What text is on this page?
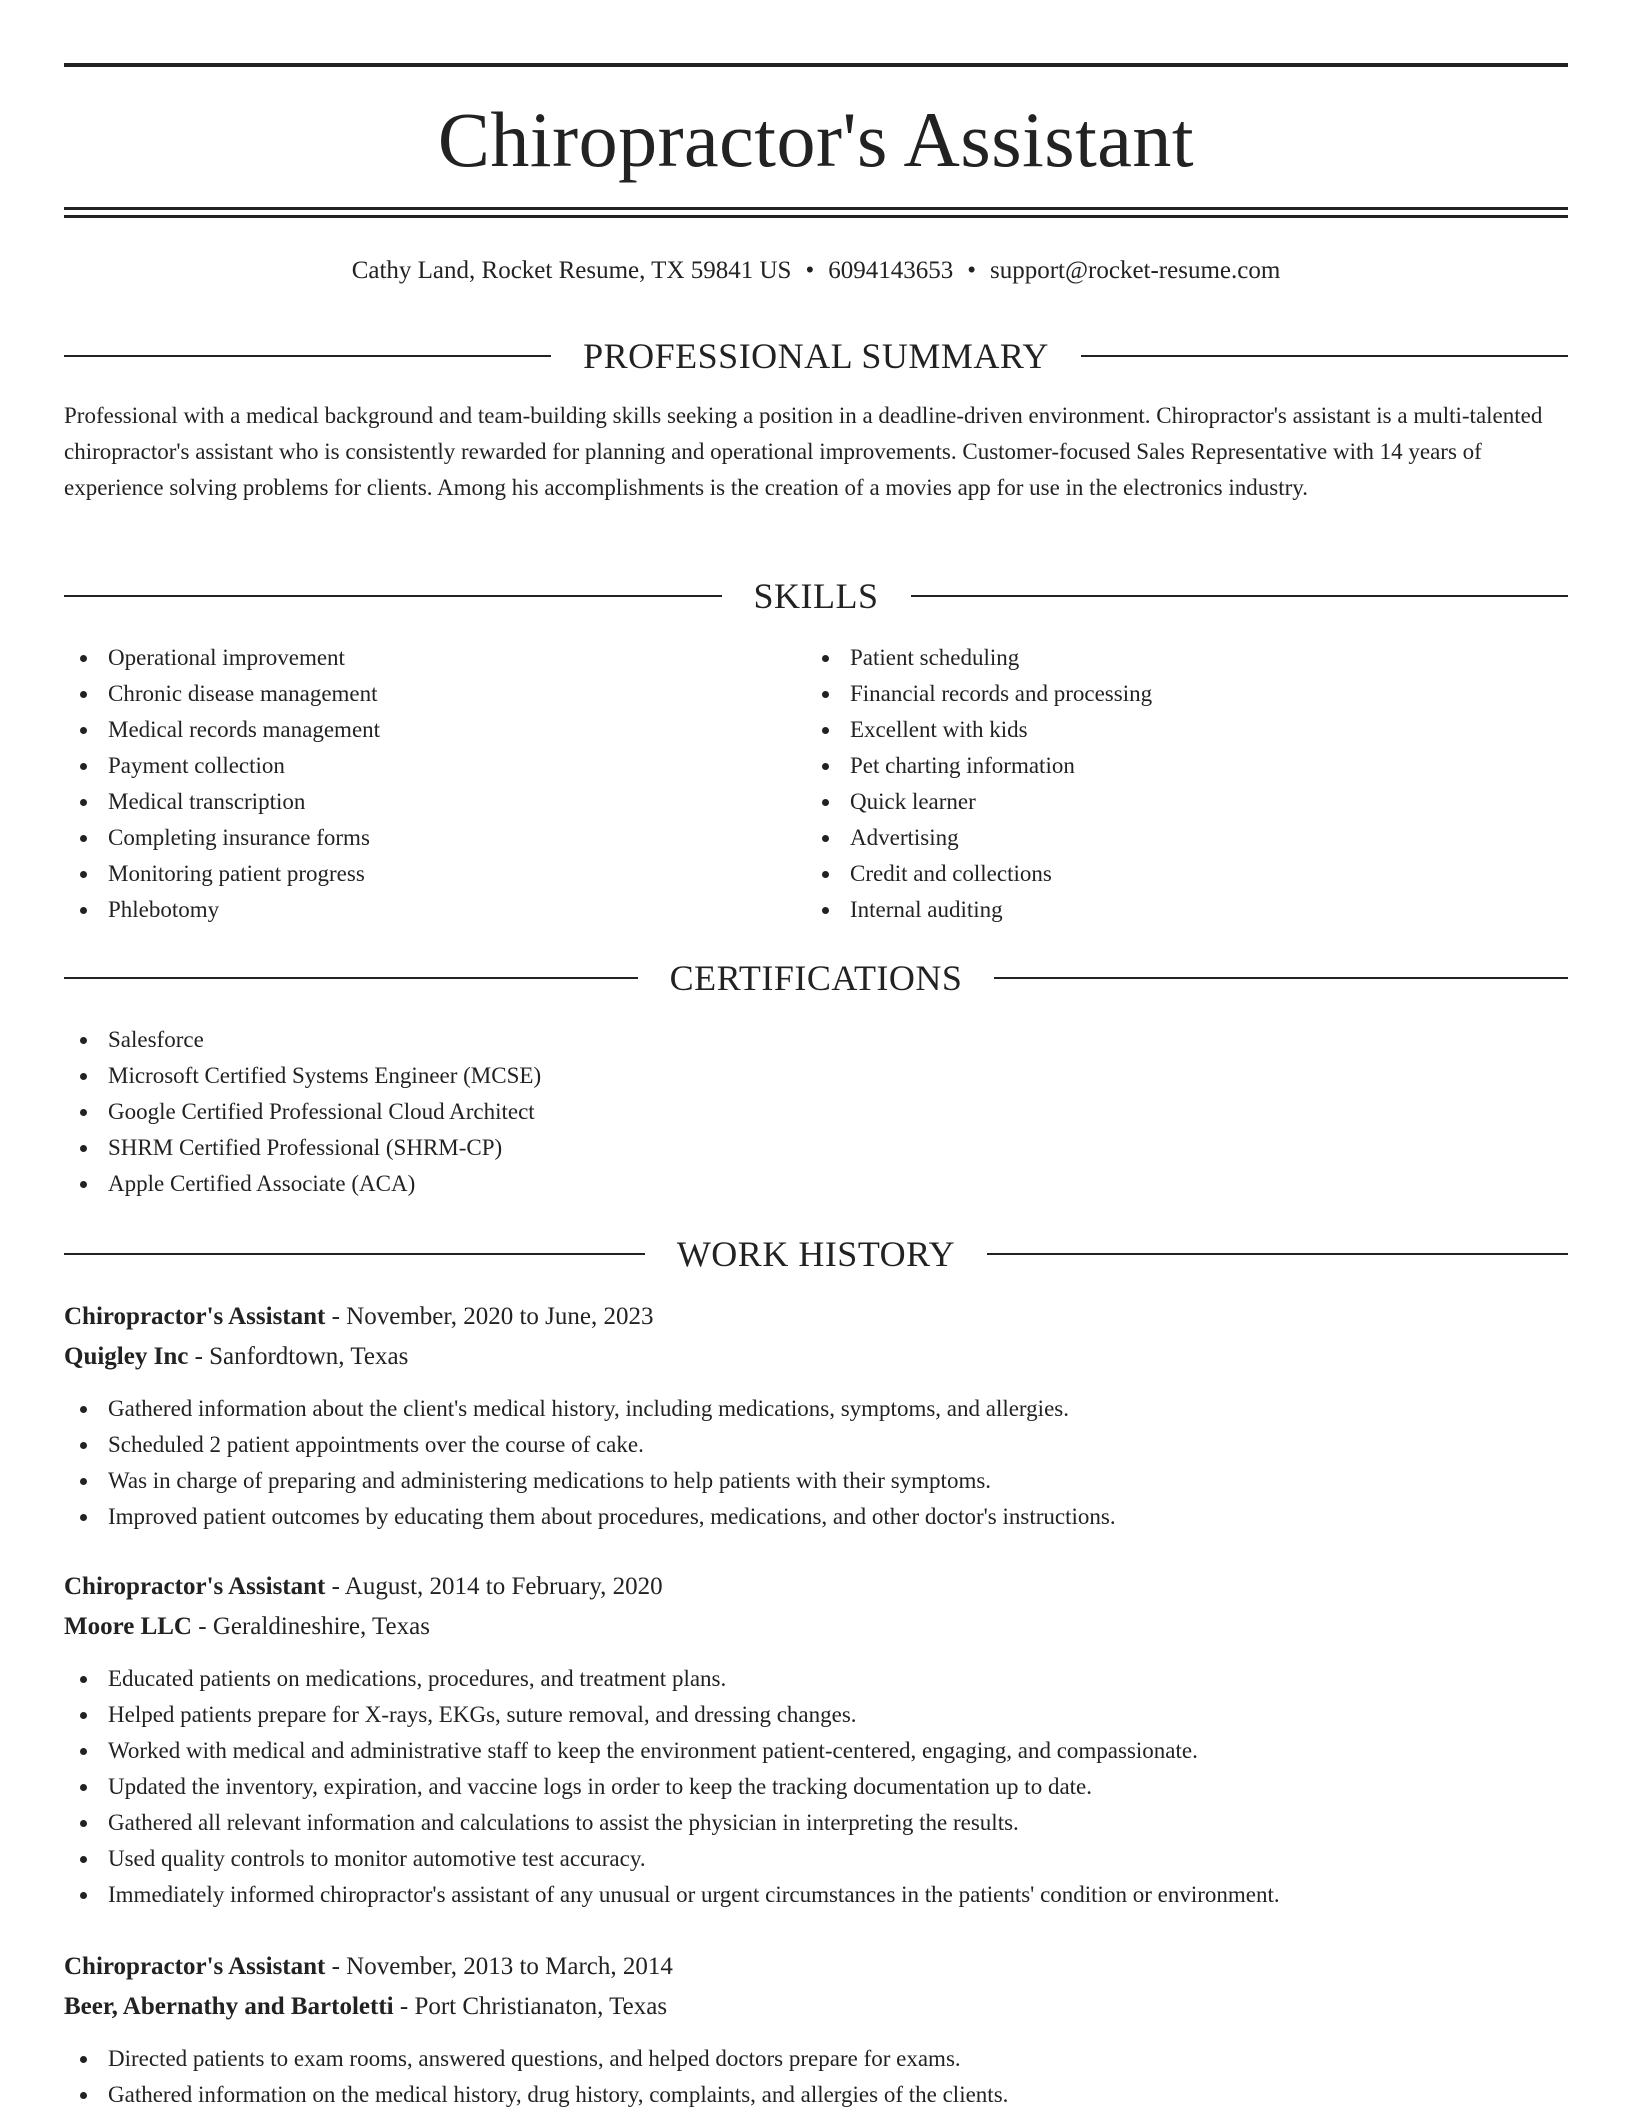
Chiropractor's Assistant
Cathy Land, Rocket Resume, TX 59841 US • 6094143653 • support@rocket-resume.com
PROFESSIONAL SUMMARY

Professional with a medical background and team-building skills seeking a position in a deadline-driven environment. Chiropractor's assistant is a multi-talented chiropractor's assistant who is consistently rewarded for planning and operational improvements. Customer-focused Sales Representative with 14 years of experience solving problems for clients. Among his accomplishments is the creation of a movies app for use in the electronics industry.

SKILLS
Operational improvement
Chronic disease management
Medical records management
Payment collection
Medical transcription
Completing insurance forms
Monitoring patient progress
Phlebotomy
Patient scheduling
Financial records and processing
Excellent with kids
Pet charting information
Quick learner
Advertising
Credit and collections
Internal auditing
CERTIFICATIONS
Salesforce
Microsoft Certified Systems Engineer (MCSE)
Google Certified Professional Cloud Architect
SHRM Certified Professional (SHRM-CP)
Apple Certified Associate (ACA)
WORK HISTORY
Chiropractor's Assistant - November, 2020 to June, 2023
Quigley Inc - Sanfordtown, Texas
Gathered information about the client's medical history, including medications, symptoms, and allergies.
Scheduled 2 patient appointments over the course of cake.
Was in charge of preparing and administering medications to help patients with their symptoms.
Improved patient outcomes by educating them about procedures, medications, and other doctor's instructions.
Chiropractor's Assistant - August, 2014 to February, 2020
Moore LLC - Geraldineshire, Texas
Educated patients on medications, procedures, and treatment plans.
Helped patients prepare for X-rays, EKGs, suture removal, and dressing changes.
Worked with medical and administrative staff to keep the environment patient-centered, engaging, and compassionate.
Updated the inventory, expiration, and vaccine logs in order to keep the tracking documentation up to date.
Gathered all relevant information and calculations to assist the physician in interpreting the results.
Used quality controls to monitor automotive test accuracy.
Immediately informed chiropractor's assistant of any unusual or urgent circumstances in the patients' condition or environment.
Chiropractor's Assistant - November, 2013 to March, 2014
Beer, Abernathy and Bartoletti - Port Christianaton, Texas
Directed patients to exam rooms, answered questions, and helped doctors prepare for exams.
Gathered information on the medical history, drug history, complaints, and allergies of the clients.
